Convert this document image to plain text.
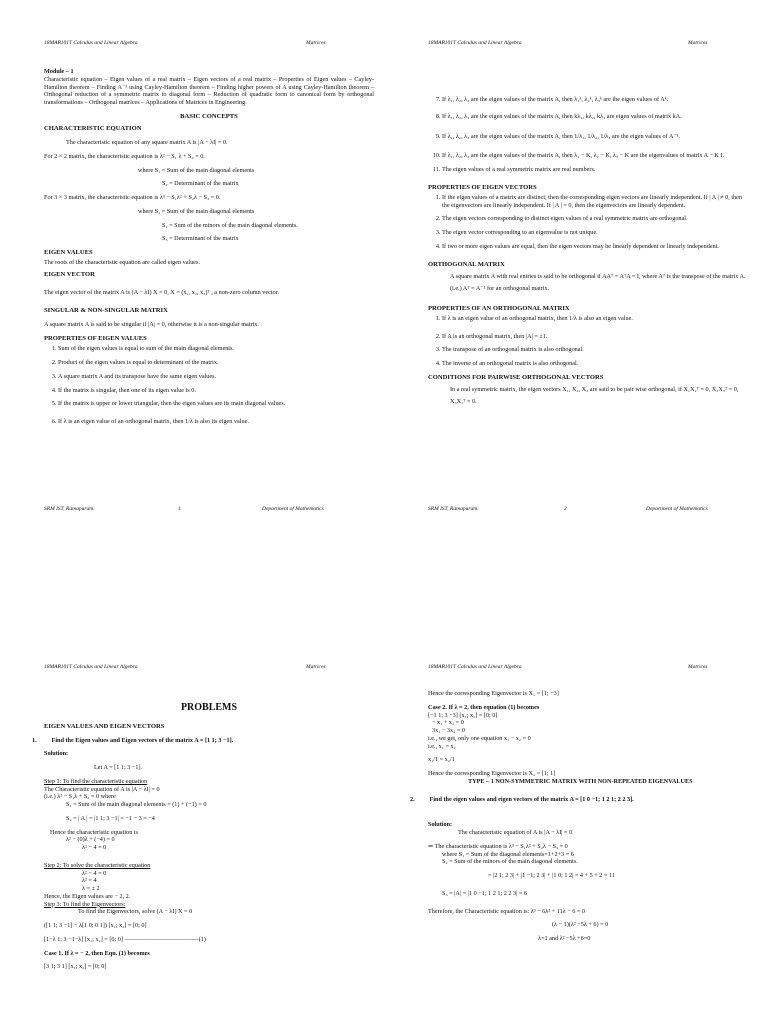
18MAB101T Calculus and Linear Algebra	Matrices
Module – 1
Characteristic equation – Eigen values of a real matrix – Eigen vectors of a real matrix – Properties of Eigen values – Cayley-Hamilton theorem – Finding A⁻¹ using Cayley-Hamilton theorem – Finding higher powers of A using Cayley-Hamilton theorem – Orthogonal reduction of a symmetric matrix to diagonal form – Reduction of quadratic form to canonical form by orthogonal transformations – Orthogonal matrices – Applications of Matrices in Engineering.
BASIC CONCEPTS
CHARACTERISTIC EQUATION
The characteristic equation of any square matrix A is |A − λI| = 0.
For 2 × 2 matrix, the characteristic equation is λ² − S₁ λ + S₂ = 0.
where S₁ = Sum of the main diagonal elements
S₂ = Determinant of the matrix
For 3 × 3 matrix, the characteristic equation is λ³ − S₁λ² + S₂λ − S₃ = 0.
where S₁ = Sum of the main diagonal elements
S₂ = Sum of the minors of the main diagonal elements.
S₃ = Determinant of the matrix
EIGEN VALUES
The roots of the characteristic equation are called eigen values.
EIGEN VECTOR
The eigen vector of the matrix A is (A − λI) X = 0, X = (x₁, x₂, x₃)ᵀ , a non-zero column vector.
SINGULAR & NON-SINGULAR MATRIX
A square matrix A is said to be singular if |A| = 0, otherwise it is a non-singular matrix.
PROPERTIES OF EIGEN VALUES
1. Sum of the eigen values is equal to sum of the main diagonal elements.
2. Product of the eigen values is equal to determinant of the matrix.
3. A square matrix A and its transpose have the same eigen values.
4. If the matrix is singular, then one of its eigen value is 0.
5. If the matrix is upper or lower triangular, then the eigen values are its main diagonal values.
6. If λ is an eigen value of an orthogonal matrix, then 1/λ is also its eigen value.
SRM IST, Ramapuram.	1	Department of Mathematics
18MAB101T Calculus and Linear Algebra	Matrices
7. If λ₁, λ₂, λ₃ are the eigen values of the matrix A, then λ₁ᵏ, λ₂ᵏ, λ₃ᵏ are the eigen values of Aᵏ.
8. If λ₁, λ₂, λ₃ are the eigen values of the matrix A, then kλ₁, kλ₂, kλ₃ are eigen values of matrix kA.
9. If λ₁, λ₂, λ₃ are the eigen values of the matrix A, then 1/λ₁, 1/λ₂, 1/λ₃ are the eigen values of A⁻¹.
10. If λ₁, λ₂, λ₃ are the eigen values of the matrix A, then λ₁ − K, λ₂ − K, λ₃ − K are the eigenvalues of matrix A − K I.
11. The eigen values of a real symmetric matrix are real numbers.
PROPERTIES OF EIGEN VECTORS
1. If the eigen values of a matrix are distinct, then the corresponding eigen vectors are linearly independent. If | A | ≠ 0, then the eigenvectors are linearly independent. If | A | = 0, then the eigenvectors are linearly dependent.
2. The eigen vectors corresponding to distinct eigen values of a real symmetric matrix are orthogonal.
3. The eigen vector corresponding to an eigenvalue is not unique.
4. If two or more eigen values are equal, then the eigen vectors may be linearly dependent or linearly independent.
ORTHOGONAL MATRIX
A square matrix A with real entries is said to be orthogonal if AAᵀ = AᵀA = I, where Aᵀ is the transpose of the matrix A. (i.e.) Aᵀ = A⁻¹ for an orthogonal matrix.
PROPERTIES OF AN ORTHOGONAL MATRIX
1. If λ is an eigen value of an orthogonal matrix, then 1/λ is also an eigen value.
2. If A is an orthogonal matrix, then |A| = ±1.
3. The transpose of an orthogonal matrix is also orthogonal.
4. The inverse of an orthogonal matrix is also orthogonal.
CONDITIONS FOR PAIRWISE ORTHOGONAL VECTORS
In a real symmetric matrix, the eigen vectors X₁, X₂, X₃ are said to be pair wise orthogonal, if X₁X₂ᵀ = 0, X₂X₃ᵀ = 0, X₃X₁ᵀ = 0.
SRM IST, Ramapuram.	2	Department of Mathematics
18MAB101T Calculus and Linear Algebra	Matrices
PROBLEMS
EIGEN VALUES AND EIGEN VECTORS
1. Find the Eigen values and Eigen vectors of the matrix A = [1 1; 3 −1].
Solution:
Let A = [1 1; 3 −1].
Step 1: To find the characteristic equation
The Characteristic equation of A is |A − λI| = 0
(i.e.) λ² − S₁λ + S₂ = 0 where
S₁ = Sum of the main diagonal elements = (1) + (−1) = 0
S₂ = | A | = |1 1; 3 −1| = −1 − 3 = −4
Hence the characteristic equation is
λ² − (0)λ + (−4) = 0
λ² − 4 = 0
Step 2: To solve the characteristic equation
λ² − 4 = 0
λ² = 4
λ = ± 2
Hence, the Eigen values are − 2, 2.
Step 3: To find the Eigenvectors:
To find the Eigenvectors, solve (A − λI) X = 0
([1 1; 3 −1] − λ[1 0; 0 1]) [x₁; x₂] = [0; 0]
[1−λ 1; 3 −1−λ] [x₁; x₂] = [0; 0] ————————————(1)
Case 1. If λ = − 2, then Eqn. (1) becomes
[3 1; 3 1] [x₁; x₂] = [0; 0]
18MAB101T Calculus and Linear Algebra	Matrices
Hence the corresponding Eigenvector is X₁ = [1; −3]
Case 2. If λ = 2, then equation (1) becomes
[−1 1; 3 −3] [x₁; x₂] = [0; 0]
− x₁ + x₂ = 0
3x₁ − 3x₂ = 0
i.e., we get, only one equation x₁ − x₂ = 0
i.e., x₁ = x₂
x₁/1 = x₂/1
Hence the corresponding Eigenvector is X₂ = [1; 1]
TYPE – 1 NON-SYMMETRIC MATRIX WITH NON-REPEATED EIGENVALUES
2. Find the eigen values and eigen vectors of the matrix A = [1 0 −1; 1 2 1; 2 2 3].
Solution:
The characteristic equation of A is |A − λI| = 0
⇒ The characteristic equation is λ³ − S₁λ² + S₂λ − S₃ = 0
where S₁ = Sum of the diagonal elements=1+2+3 = 6
S₂ = Sum of the minors of the main diagonal elements.
= |2 1; 2 3| + |1 −1; 2 3| + |1 0; 1 2| = 4 + 5 + 2 = 11
S₃ = |A| = |1 0 −1; 1 2 1; 2 2 3| = 6
Therefore, the Characteristic equation is: λ³ − 6λ² + 11λ − 6 = 0
(λ − 1)(λ² −5λ + 6) = 0
λ=1 and λ² −5λ +6=0
